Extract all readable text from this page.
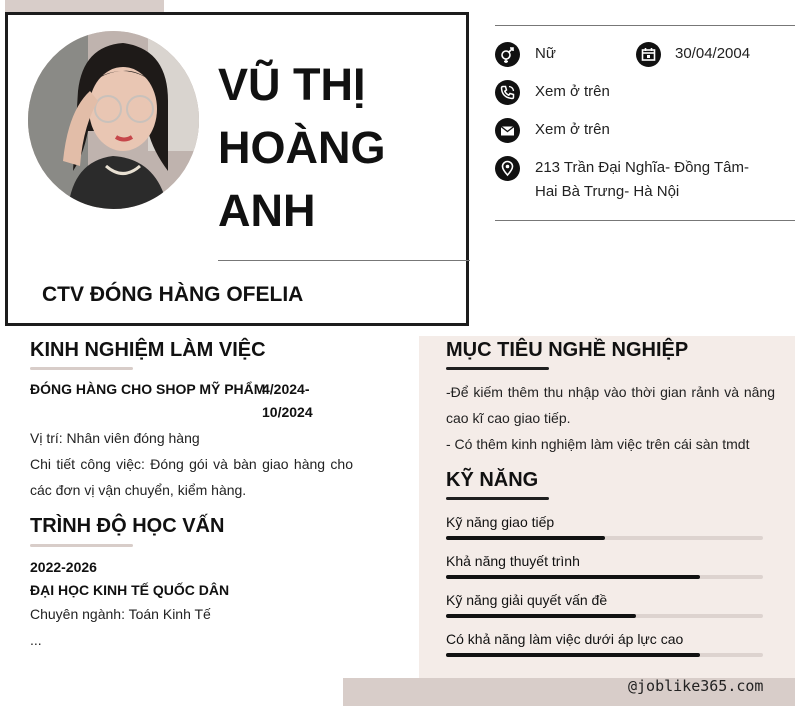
VŨ THỊ
HOÀNG
ANH
CTV ĐÓNG HÀNG OFELIA
Nữ	30/04/2004
Xem ở trên
Xem ở trên
213 Trần Đại Nghĩa- Đồng Tâm-
Hai Bà Trưng- Hà Nội
KINH NGHIỆM LÀM VIỆC
ĐÓNG HÀNG CHO SHOP MỸ PHẨM
4/2024-
10/2024
Vị trí: Nhân viên đóng hàng
Chi tiết công việc: Đóng gói và bàn giao hàng cho
các đơn vị vận chuyển, kiểm hàng.
TRÌNH ĐỘ HỌC VẤN
2022-2026
ĐẠI HỌC KINH TẾ QUỐC DÂN
Chuyên ngành: Toán Kinh Tế
...
MỤC TIÊU NGHỀ NGHIỆP
-Để kiếm thêm thu nhập vào thời gian rảnh và nâng
cao kĩ cao giao tiếp.
- Có thêm kinh nghiệm làm việc trên cái sàn tmdt
KỸ NĂNG
Kỹ năng giao tiếp
Khả năng thuyết trình
Kỹ năng giải quyết vấn đề
Có khả năng làm việc dưới áp lực cao
@joblike365.com
